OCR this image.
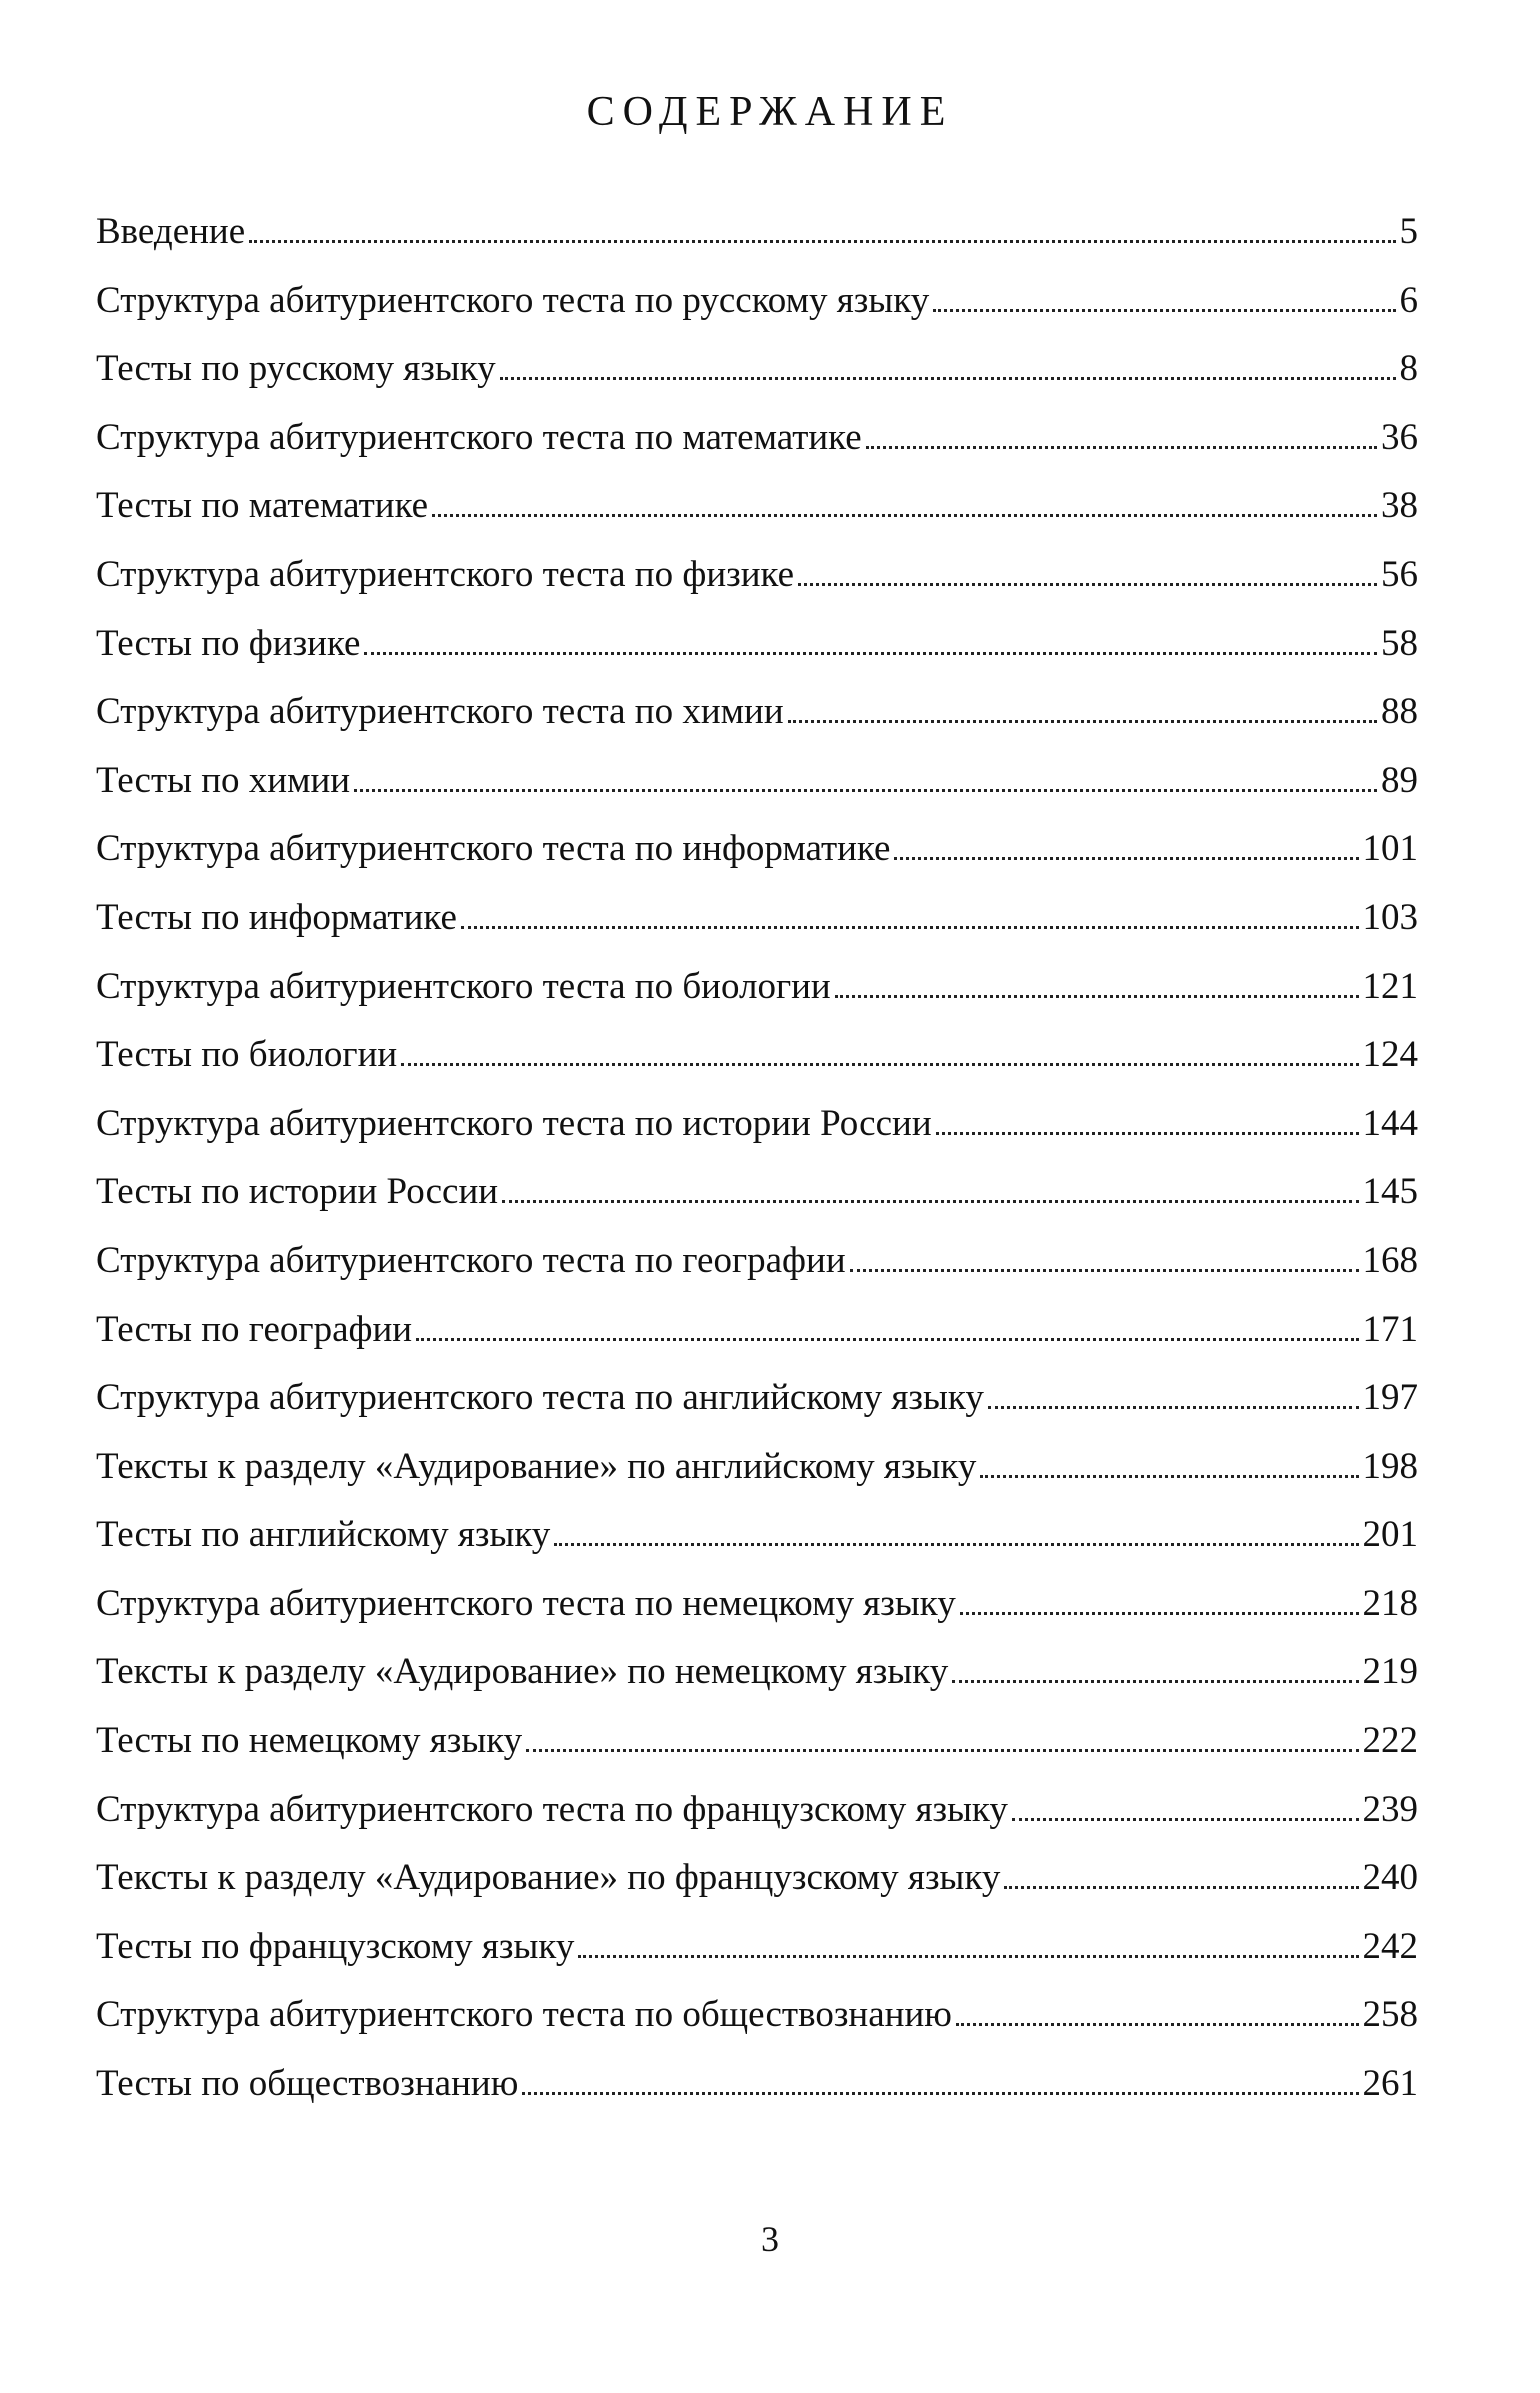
СОДЕРЖАНИЕ
Введение	5
Структура абитуриентского теста по русскому языку	6
Тесты по русскому языку	8
Структура абитуриентского теста по математике	36
Тесты по математике	38
Структура абитуриентского теста по физике	56
Тесты по физике	58
Структура абитуриентского теста по химии	88
Тесты по химии	89
Структура абитуриентского теста по информатике	101
Тесты по информатике	103
Структура абитуриентского теста по биологии	121
Тесты по биологии	124
Структура абитуриентского теста по истории России	144
Тесты по истории России	145
Структура абитуриентского теста по географии	168
Тесты по географии	171
Структура абитуриентского теста по английскому языку	197
Тексты к разделу «Аудирование» по английскому языку	198
Тесты по английскому языку	201
Структура абитуриентского теста по немецкому языку	218
Тексты к разделу «Аудирование» по немецкому языку	219
Тесты по немецкому языку	222
Структура абитуриентского теста по французскому языку	239
Тексты к разделу «Аудирование» по французскому языку	240
Тесты по французскому языку	242
Структура абитуриентского теста по обществознанию	258
Тесты по обществознанию	261
3
